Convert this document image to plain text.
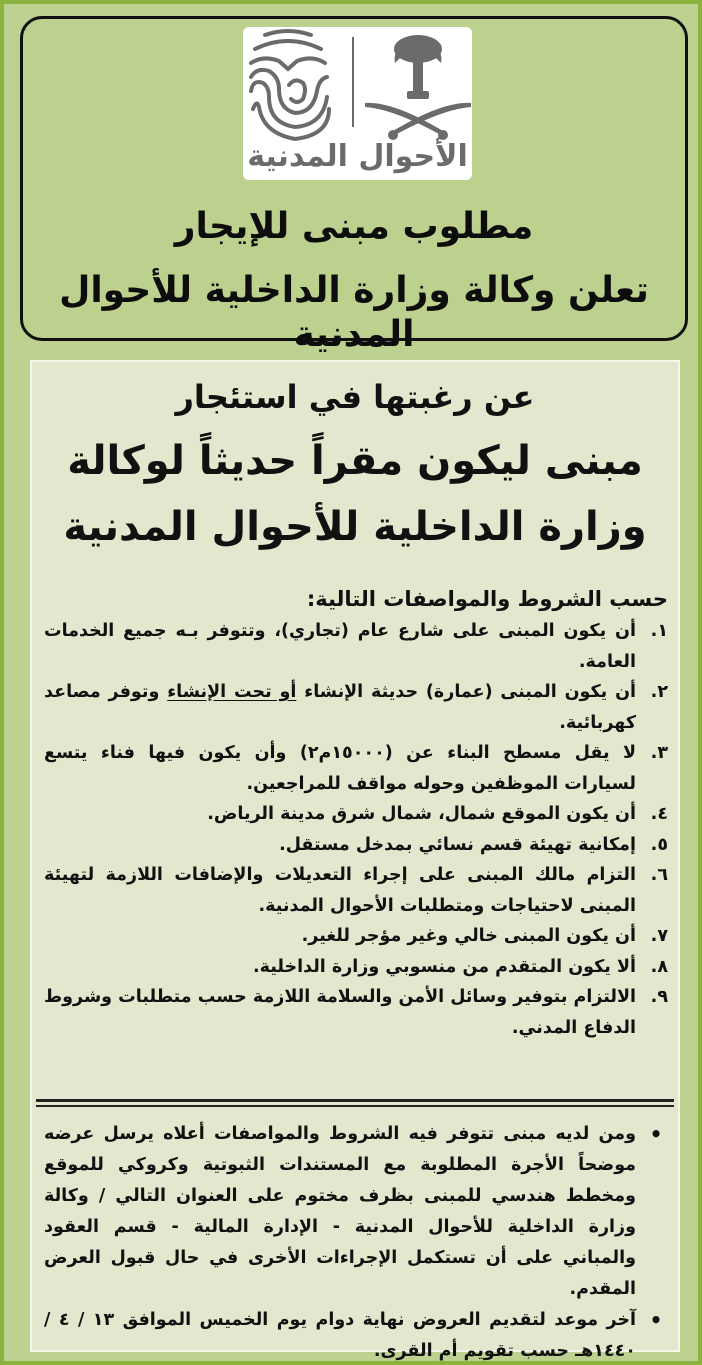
الأحوال المدنية
مطلوب مبنى للإيجار
تعلن وكالة وزارة الداخلية للأحوال المدنية
عن رغبتها في استئجار
مبنى ليكون مقراً حديثاً لوكالة
وزارة الداخلية للأحوال المدنية
حسب الشروط والمواصفات التالية:
١.
أن يكون المبنى على شارع عام (تجاري)، وتتوفر بـه جميع الخدمات العامة.
٢.
أن يكون المبنى (عمارة) حديثة الإنشاء أو تحت الإنشاء وتوفر مصاعد كهربائية.
٣.
لا يقل مسطح البناء عن (١٥٠٠٠م٢) وأن يكون فيها فناء يتسع لسيارات الموظفين وحوله مواقف للمراجعين.
٤.
أن يكون الموقع شمال، شمال شرق مدينة الرياض.
٥.
إمكانية تهيئة قسم نسائي بمدخل مستقل.
٦.
التزام مالك المبنى على إجراء التعديلات والإضافات اللازمة لتهيئة المبنى لاحتياجات ومتطلبات الأحوال المدنية.
٧.
أن يكون المبنى خالي وغير مؤجر للغير.
٨.
ألا يكون المتقدم من منسوبي وزارة الداخلية.
٩.
الالتزام بتوفير وسائل الأمن والسلامة اللازمة حسب متطلبات وشروط الدفاع المدني.
•
ومن لديه مبنى تتوفر فيه الشروط والمواصفات أعلاه يرسل عرضه موضحاً الأجرة المطلوبة مع المستندات الثبوتية وكروكي للموقع ومخطط هندسي للمبنى بظرف مختوم على العنوان التالي / وكالة وزارة الداخلية للأحوال المدنية - الإدارة المالية - قسم العقود والمباني على أن تستكمل الإجراءات الأخرى في حال قبول العرض المقدم.
•
آخر موعد لتقديم العروض نهاية دوام يوم الخميس الموافق ١٣ / ٤ / ١٤٤٠هـ حسب تقويم أم القرى.
